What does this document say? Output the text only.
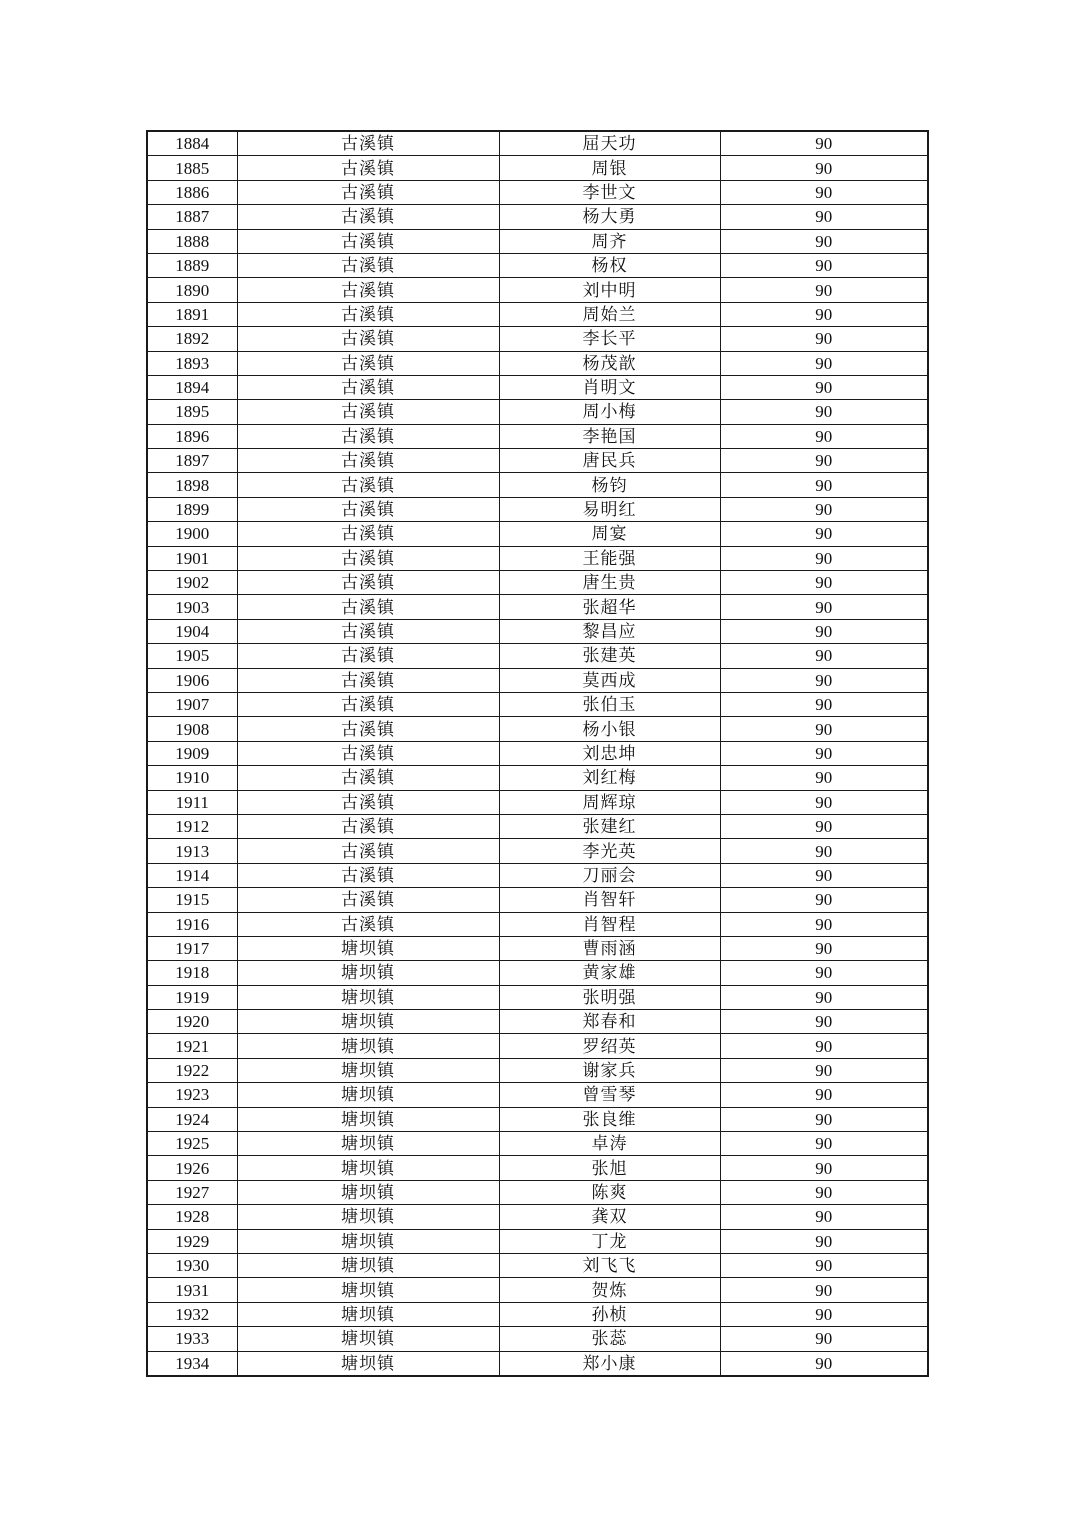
1884	古溪镇	屈天功	90
1885	古溪镇	周银	90
1886	古溪镇	李世文	90
1887	古溪镇	杨大勇	90
1888	古溪镇	周齐	90
1889	古溪镇	杨权	90
1890	古溪镇	刘中明	90
1891	古溪镇	周始兰	90
1892	古溪镇	李长平	90
1893	古溪镇	杨茂歆	90
1894	古溪镇	肖明文	90
1895	古溪镇	周小梅	90
1896	古溪镇	李艳国	90
1897	古溪镇	唐民兵	90
1898	古溪镇	杨钧	90
1899	古溪镇	易明红	90
1900	古溪镇	周宴	90
1901	古溪镇	王能强	90
1902	古溪镇	唐生贵	90
1903	古溪镇	张超华	90
1904	古溪镇	黎昌应	90
1905	古溪镇	张建英	90
1906	古溪镇	莫西成	90
1907	古溪镇	张伯玉	90
1908	古溪镇	杨小银	90
1909	古溪镇	刘忠坤	90
1910	古溪镇	刘红梅	90
1911	古溪镇	周辉琼	90
1912	古溪镇	张建红	90
1913	古溪镇	李光英	90
1914	古溪镇	刀丽会	90
1915	古溪镇	肖智轩	90
1916	古溪镇	肖智程	90
1917	塘坝镇	曹雨涵	90
1918	塘坝镇	黄家雄	90
1919	塘坝镇	张明强	90
1920	塘坝镇	郑春和	90
1921	塘坝镇	罗绍英	90
1922	塘坝镇	谢家兵	90
1923	塘坝镇	曾雪琴	90
1924	塘坝镇	张良维	90
1925	塘坝镇	卓涛	90
1926	塘坝镇	张旭	90
1927	塘坝镇	陈爽	90
1928	塘坝镇	龚双	90
1929	塘坝镇	丁龙	90
1930	塘坝镇	刘飞飞	90
1931	塘坝镇	贺炼	90
1932	塘坝镇	孙桢	90
1933	塘坝镇	张蕊	90
1934	塘坝镇	郑小康	90
